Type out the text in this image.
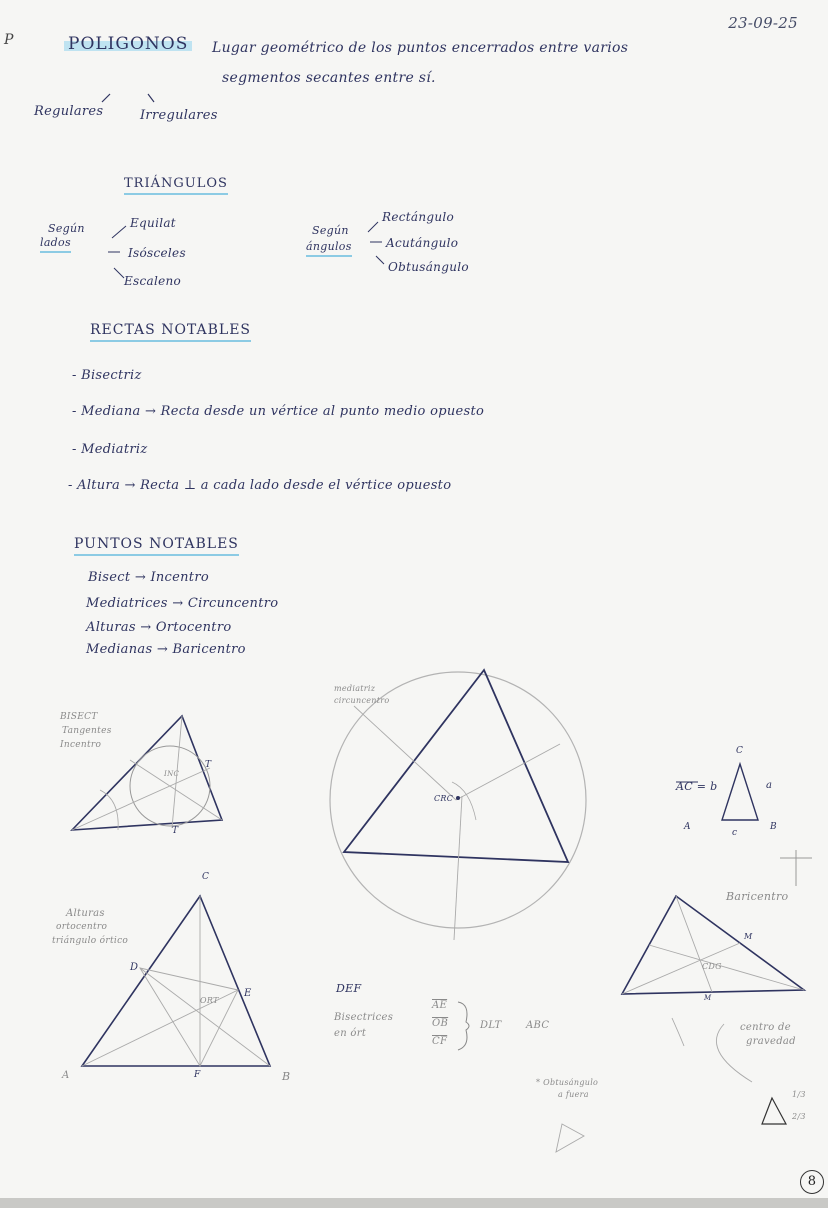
23-09-25
P	POLIGONOS Lugar geométrico de los puntos encerrados entre varios
segmentos secantes entre sí.
Regulares	Irregulares
TRIÁNGULOS
Según
lados
Equilat
Isósceles
Escaleno
Según
ángulos
Rectángulo
Acutángulo
Obtusángulo
RECTAS NOTABLES
- Bisectriz
- Mediana → Recta desde un vértice al punto medio opuesto
- Mediatriz
- Altura → Recta ⊥ a cada lado desde el vértice opuesto
PUNTOS NOTABLES
Bisect → Incentro
Mediatrices → Circuncentro
Alturas → Ortocentro
Medianas → Baricentro
BISECT
Tangentes
Incentro
INC
T
T
mediatriz
circuncentro
CRC
AC = b
C
a
A
c
B
Alturas
ortocentro
triángulo órtico
C
D
E
ORT
A	F	B
DEF
Bisectrices
en órt
$\overline{AE}$
$\overline{OB}$
$\overline{CF}$
DLT ABC
* Obtusángulo
a fuera
Baricentro
CDG
M
M
centro de
gravedad
1/3
2/3
8
